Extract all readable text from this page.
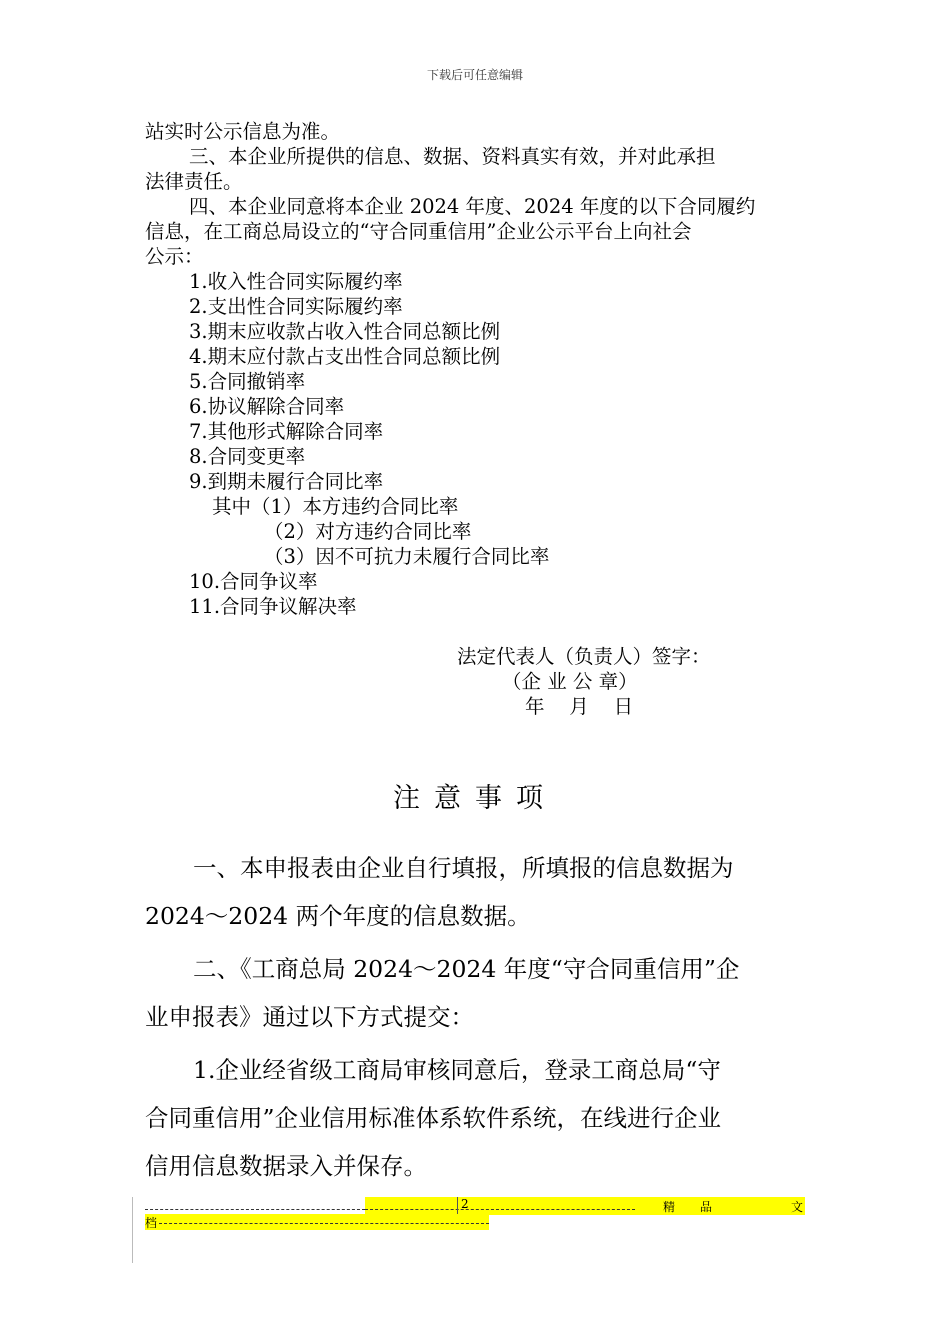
下载后可任意编辑
站实时公示信息为准。
三、本企业所提供的信息、数据、资料真实有效，并对此承担
法律责任。
四、本企业同意将本企业 2024 年度、2024 年度的以下合同履约
信息，在工商总局设立的“守合同重信用”企业公示平台上向社会
公示：
1.收入性合同实际履约率
2.支出性合同实际履约率
3.期末应收款占收入性合同总额比例
4.期末应付款占支出性合同总额比例
5.合同撤销率
6.协议解除合同率
7.其他形式解除合同率
8.合同变更率
9.到期未履行合同比率
其中（1）本方违约合同比率
（2）对方违约合同比率
（3）因不可抗力未履行合同比率
10.合同争议率
11.合同争议解决率
法定代表人（负责人）签字：
（企 业 公 章）
年    月    日
注意事项
一、本申报表由企业自行填报，所填报的信息数据为
2024～2024 两个年度的信息数据。
二、《工商总局 2024～2024 年度“守合同重信用”企
业申报表》通过以下方式提交：
1.企业经省级工商局审核同意后，登录工商总局“守
合同重信用”企业信用标准体系软件系统，在线进行企业
信用信息数据录入并保存。
2	精 品	文
档
